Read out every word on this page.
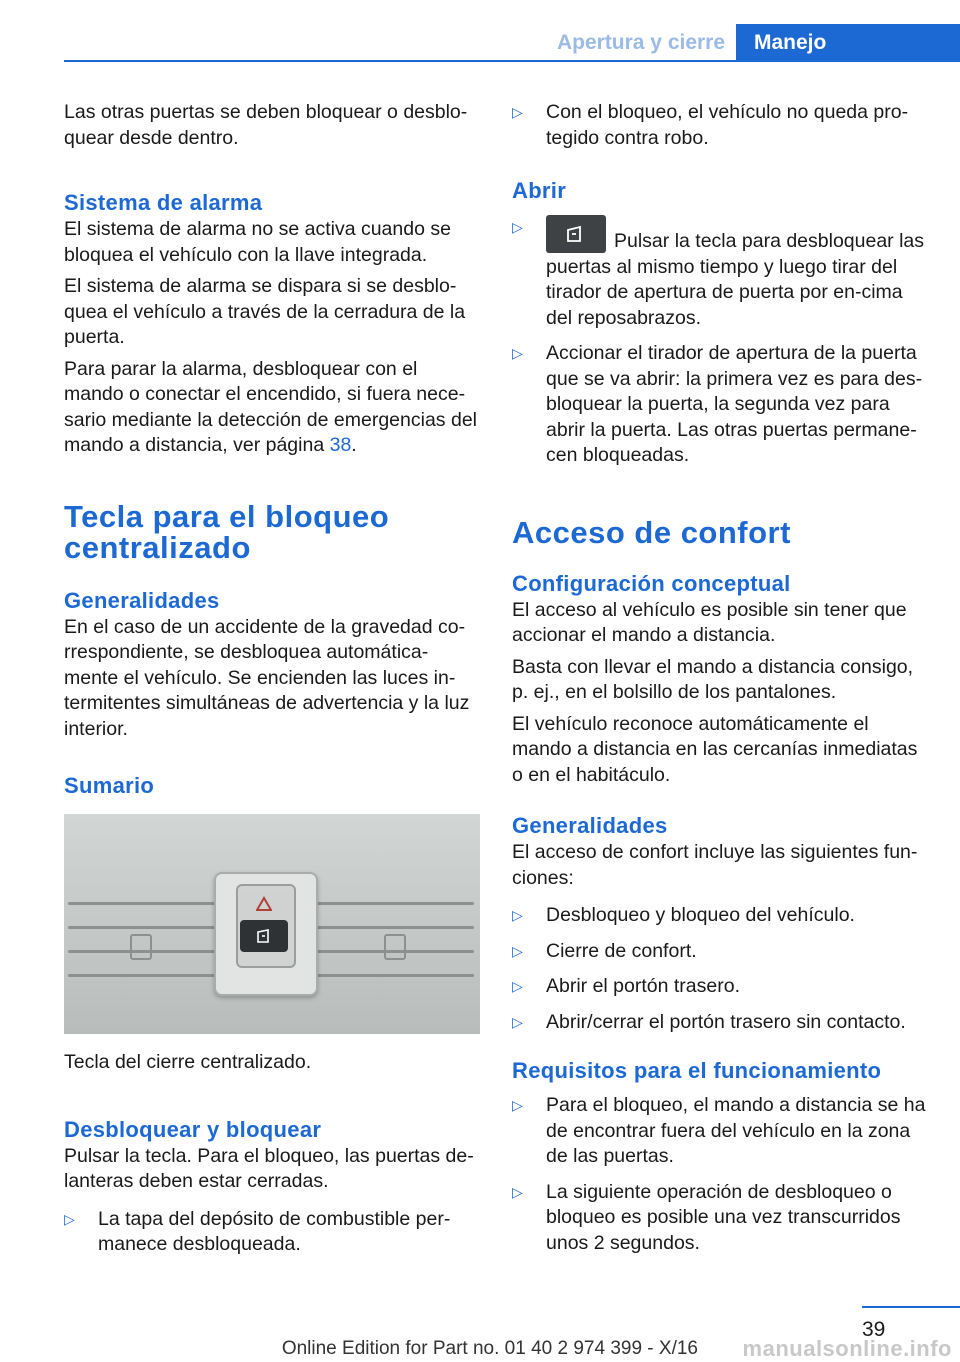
Apertura y cierre	Manejo

Las otras puertas se deben bloquear o desblo-quear desde dentro.

Sistema de alarma

El sistema de alarma no se activa cuando se bloquea el vehículo con la llave integrada.

El sistema de alarma se dispara si se desblo-quea el vehículo a través de la cerradura de la puerta.

Para parar la alarma, desbloquear con el mando o conectar el encendido, si fuera nece-sario mediante la detección de emergencias del mando a distancia, ver página 38.

Tecla para el bloqueo centralizado
Generalidades

En el caso de un accidente de la gravedad co-rrespondiente, se desbloquea automática-mente el vehículo. Se encienden las luces in-termitentes simultáneas de advertencia y la luz interior.

Sumario

Tecla del cierre centralizado.

Desbloquear y bloquear

Pulsar la tecla. Para el bloqueo, las puertas de-lanteras deben estar cerradas.

▷ La tapa del depósito de combustible per-manece desbloqueada.
▷ Con el bloqueo, el vehículo no queda pro-tegido contra robo.
Abrir
▷
Pulsar la tecla para desbloquear las puertas al mismo tiempo y luego tirar del tirador de apertura de puerta por en-cima del reposabrazos.
▷ Accionar el tirador de apertura de la puerta que se va abrir: la primera vez es para des-bloquear la puerta, la segunda vez para abrir la puerta. Las otras puertas permane-cen bloqueadas.
Acceso de confort
Configuración conceptual

El acceso al vehículo es posible sin tener que accionar el mando a distancia.

Basta con llevar el mando a distancia consigo, p. ej., en el bolsillo de los pantalones.

El vehículo reconoce automáticamente el mando a distancia en las cercanías inmediatas o en el habitáculo.

Generalidades

El acceso de confort incluye las siguientes fun-ciones:

▷ Desbloqueo y bloqueo del vehículo.
▷ Cierre de confort.
▷ Abrir el portón trasero.
▷ Abrir/cerrar el portón trasero sin contacto.
Requisitos para el funcionamiento
▷ Para el bloqueo, el mando a distancia se ha de encontrar fuera del vehículo en la zona de las puertas.
▷ La siguiente operación de desbloqueo o bloqueo es posible una vez transcurridos unos 2 segundos.
39
Online Edition for Part no. 01 40 2 974 399 - X/16 manualsonline.info
